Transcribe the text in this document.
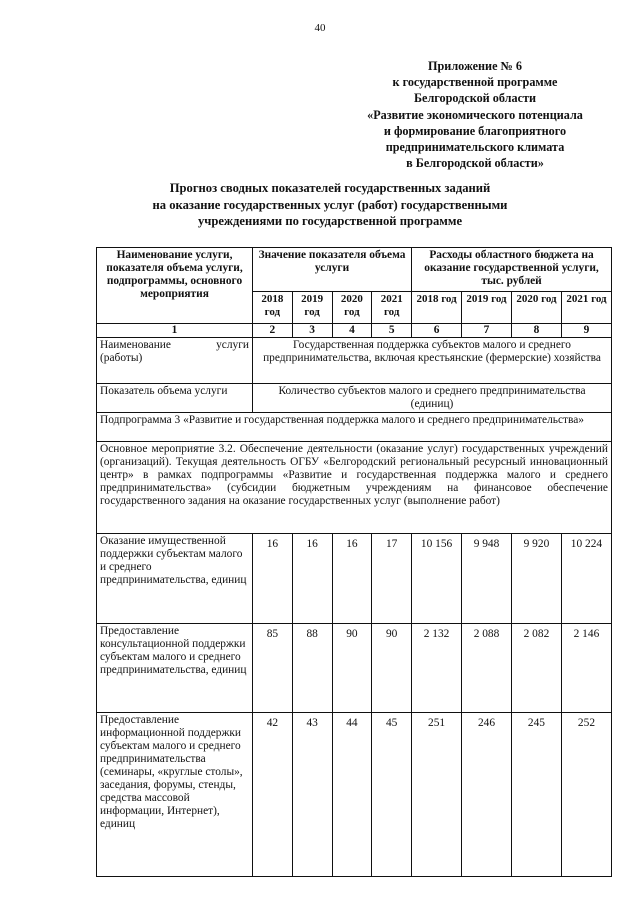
40
Приложение № 6
к государственной программе
Белгородской области
«Развитие экономического потенциала
и формирование благоприятного
предпринимательского климата
в Белгородской области»
Прогноз сводных показателей государственных заданий
на оказание государственных услуг (работ) государственными
учреждениями по государственной программе
Наименование услуги, показателя объема услуги, подпрограммы, основного мероприятия	Значение показателя объема услуги				Расходы областного бюджета на оказание государственной услуги, тыс. рублей			
	2018 год	2019 год	2020 год	2021 год	2018 год	2019 год	2020 год	2021 год
1	2	3	4	5	6	7	8	9
Наименование услуги (работы)	Государственная поддержка субъектов малого и среднего предпринимательства, включая крестьянские (фермерские) хозяйства							
Показатель объема услуги	Количество субъектов малого и среднего предпринимательства (единиц)							
Подпрограмма 3 «Развитие и государственная поддержка малого и среднего предпринимательства»								
Основное мероприятие 3.2. Обеспечение деятельности (оказание услуг) государственных учреждений (организаций). Текущая деятельность ОГБУ «Белгородский региональный ресурсный инновационный центр» в рамках подпрограммы «Развитие и государственная поддержка малого и среднего предпринимательства» (субсидии бюджетным учреждениям на финансовое обеспечение государственного задания на оказание государственных услуг (выполнение работ)								
Оказание имущественной поддержки субъектам малого и среднего предпринимательства, единиц	16	16	16	17	10 156	9 948	9 920	10 224
Предоставление консультационной поддержки субъектам малого и среднего предпринимательства, единиц	85	88	90	90	2 132	2 088	2 082	2 146
Предоставление информационной поддержки субъектам малого и среднего предпринимательства (семинары, «круглые столы», заседания, форумы, стенды, средства массовой информации, Интернет), единиц	42	43	44	45	251	246	245	252
